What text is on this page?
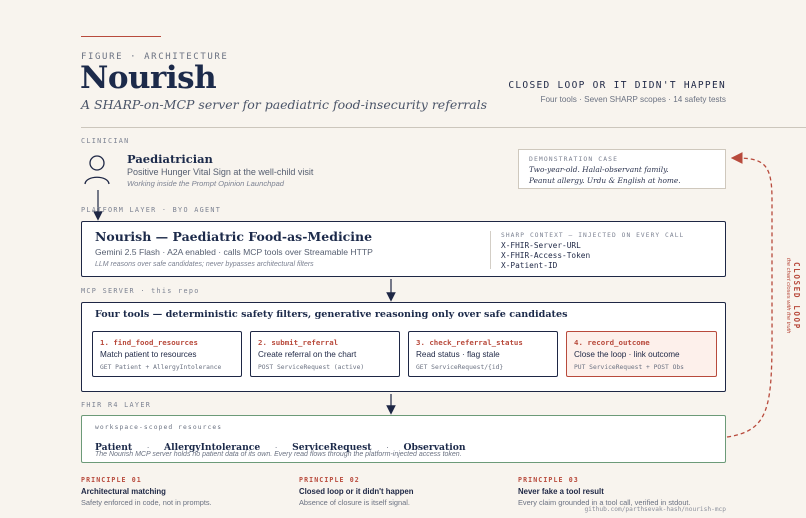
FIGURE · ARCHITECTURE
Nourish
A SHARP-on-MCP server for paediatric food-insecurity referrals
CLOSED LOOP OR IT DIDN'T HAPPEN
Four tools · Seven SHARP scopes · 14 safety tests
CLINICIAN
Paediatrician
Positive Hunger Vital Sign at the well-child visit
Working inside the Prompt Opinion Launchpad
DEMONSTRATION CASE
Two-year-old. Halal-observant family.
Peanut allergy. Urdu & English at home.
CLOSED LOOP
the chart closes with the truth
PLATFORM LAYER · BYO AGENT
Nourish — Paediatric Food-as-Medicine
Gemini 2.5 Flash · A2A enabled · calls MCP tools over Streamable HTTP
LLM reasons over safe candidates; never bypasses architectural filters
SHARP CONTEXT — INJECTED ON EVERY CALL
X-FHIR-Server-URL
X-FHIR-Access-Token
X-Patient-ID
MCP SERVER · this repo
Four tools — deterministic safety filters, generative reasoning only over safe candidates
1. find_food_resources
Match patient to resources
GET Patient + AllergyIntolerance
2. submit_referral
Create referral on the chart
POST ServiceRequest (active)
3. check_referral_status
Read status · flag stale
GET ServiceRequest/{id}
4. record_outcome
Close the loop · link outcome
PUT ServiceRequest + POST Obs
FHIR R4 LAYER
workspace-scoped resources
Patient · AllergyIntolerance · ServiceRequest · Observation
The Nourish MCP server holds no patient data of its own. Every read flows through the platform-injected access token.
PRINCIPLE 01
Architectural matching
Safety enforced in code, not in prompts.
PRINCIPLE 02
Closed loop or it didn't happen
Absence of closure is itself signal.
PRINCIPLE 03
Never fake a tool result
Every claim grounded in a tool call, verified in stdout.
github.com/parthsevak-hash/nourish-mcp
